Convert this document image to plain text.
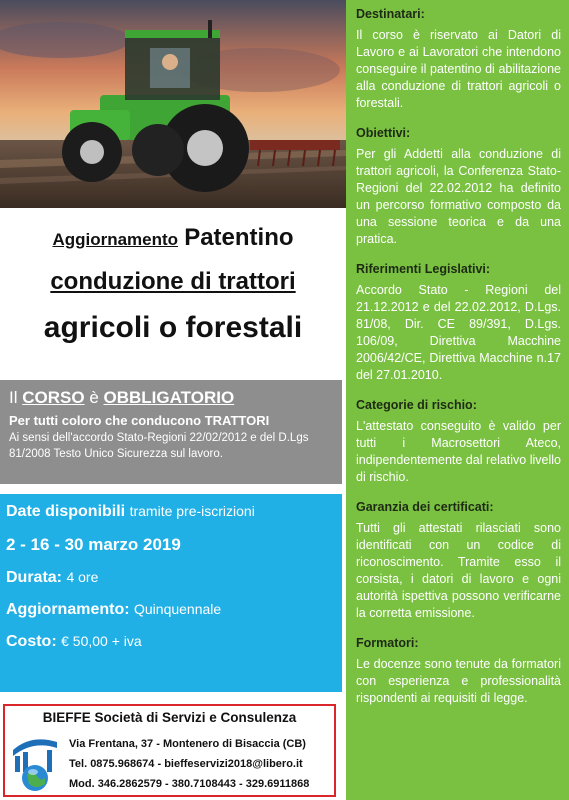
Aggiornamento Patentino
conduzione di trattori
agricoli o forestali
Il CORSO è OBBLIGATORIO
Per tutti coloro che conducono TRATTORI
Ai sensi dell'accordo Stato-Regioni 22/02/2012 e del D.Lgs 81/2008 Testo Unico Sicurezza sul lavoro.
Date disponibili tramite pre-iscrizioni
2 - 16 - 30 marzo 2019
Durata: 4 ore
Aggiornamento: Quinquennale
Costo: € 50,00 + iva
BIEFFE Società di Servizi e Consulenza
Via Frentana, 37 - Montenero di Bisaccia (CB)
Tel. 0875.968674 - bieffeservizi2018@libero.it
Mod. 346.2862579 - 380.7108443 - 329.6911868
Destinatari:
Il corso è riservato ai Datori di Lavoro e ai Lavoratori che intendono conseguire il patentino di abilitazione alla conduzione di trattori agricoli o forestali.
Obiettivi:
Per gli Addetti alla conduzione di trattori agricoli, la Conferenza Stato-Regioni del 22.02.2012 ha definito un percorso formativo composto da una sessione teorica e da una pratica.
Riferimenti Legislativi:
Accordo Stato - Regioni del 21.12.2012 e del 22.02.2012, D.Lgs. 81/08, Dir. CE 89/391, D.Lgs. 106/09, Direttiva Macchine 2006/42/CE, Direttiva Macchine n.17 del 27.01.2010.
Categorie di rischio:
L'attestato conseguito è valido per tutti i Macrosettori Ateco, indipendentemente dal relativo livello di rischio.
Garanzia dei certificati:
Tutti gli attestati rilasciati sono identificati con un codice di riconoscimento. Tramite esso il corsista, i datori di lavoro e ogni autorità ispettiva possono verificarne la corretta emissione.
Formatori:
Le docenze sono tenute da formatori con esperienza e professionalità rispondenti ai requisiti di legge.
